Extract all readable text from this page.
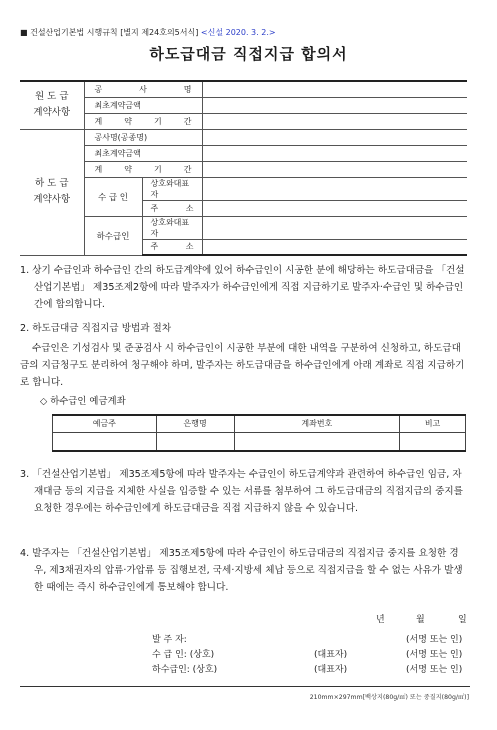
■ 건설산업기본법 시행규칙 [별지 제24호의5서식] <신설 2020. 3. 2.>
하도급대금 직접지급 합의서
원 도 급
계약사항	공 사 명		
	최초계약금액		
	계 약 기 간		
하 도 급
계약사항	공사명(공종명)		
	최초계약금액		
	계 약 기 간		
	수 급 인	상호와대표자	
		주 소	
	하수급인	상호와대표자	
		주 소	
1. 상기 수급인과 하수급인 간의 하도급계약에 있어 하수급인이 시공한 분에 해당하는 하도급대금을 「건설산업기본법」 제35조제2항에 따라 발주자가 하수급인에게 직접 지급하기로 발주자·수급인 및 하수급인 간에 합의합니다.
2. 하도급대금 직접지급 방법과 절차
수급인은 기성검사 및 준공검사 시 하수급인이 시공한 부분에 대한 내역을 구분하여 신청하고, 하도급대금의 지급청구도 분리하여 청구해야 하며, 발주자는 하도급대금을 하수급인에게 아래 계좌로 직접 지급하기로 합니다.
◇ 하수급인 예금계좌
예금주	은행명	계좌번호	비고

3. 「건설산업기본법」 제35조제5항에 따라 발주자는 수급인이 하도급계약과 관련하여 하수급인 임금, 자재대금 등의 지급을 지체한 사실을 입증할 수 있는 서류를 첨부하여 그 하도급대금의 직접지급의 중지를 요청한 경우에는 하수급인에게 하도급대금을 직접 지급하지 않을 수 있습니다.
4. 발주자는 「건설산업기본법」 제35조제5항에 따라 수급인이 하도급대금의 직접지급 중지를 요청한 경우, 제3채권자의 압류·가압류 등 집행보전, 국세·지방세 체납 등으로 직접지급을 할 수 없는 사유가 발생한 때에는 즉시 하수급인에게 통보해야 합니다.
년	월	일
발 주 자:	(서명 또는 인)
수 급 인: (상호)	(대표자)	(서명 또는 인)
하수급인: (상호)	(대표자)	(서명 또는 인)
210mm×297mm[백상지(80g/㎡) 또는 중질지(80g/㎡)]
